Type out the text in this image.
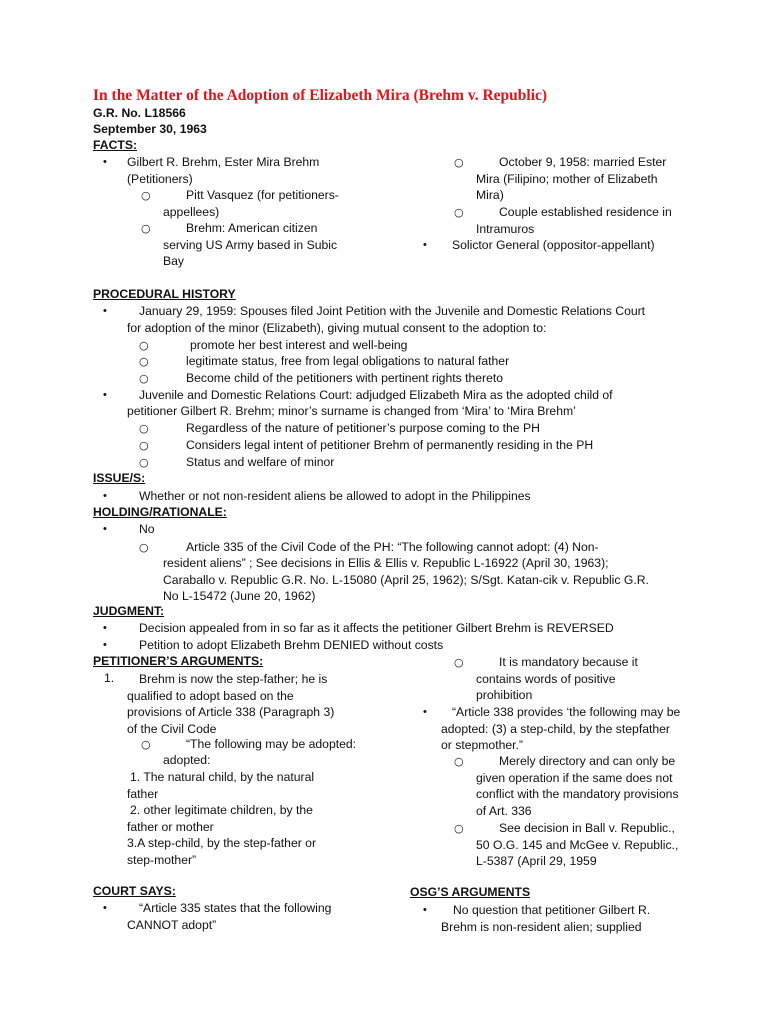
In the Matter of the Adoption of Elizabeth Mira (Brehm v. Republic)
G.R. No. L18566
September 30, 1963
FACTS:
• Gilbert R. Brehm, Ester Mira Brehm (Petitioners)
○	Pitt Vasquez (for petitioners-appellees)
○	Brehm: American citizen serving US Army based in Subic Bay
○	October 9, 1958: married Ester Mira (Filipino; mother of Elizabeth Mira)
○	Couple established residence in Intramuros
• Solictor General (oppositor-appellant)
PROCEDURAL HISTORY
•	January 29, 1959: Spouses filed Joint Petition with the Juvenile and Domestic Relations Court
for adoption of the minor (Elizabeth), giving mutual consent to the adoption to:
○	promote her best interest and well-being
○	legitimate status, free from legal obligations to natural father
○	Become child of the petitioners with pertinent rights thereto
•	Juvenile and Domestic Relations Court: adjudged Elizabeth Mira as the adopted child of
petitioner Gilbert R. Brehm; minor’s surname is changed from ‘Mira’ to ‘Mira Brehm’
○	Regardless of the nature of petitioner’s purpose coming to the PH
○	Considers legal intent of petitioner Brehm of permanently residing in the PH
○	Status and welfare of minor
ISSUE/S:
•	Whether or not non-resident aliens be allowed to adopt in the Philippines
HOLDING/RATIONALE:
•	No
○	Article 335 of the Civil Code of the PH: “The following cannot adopt: (4) Non-
resident aliens” ; See decisions in Ellis & Ellis v. Republic L-16922 (April 30, 1963);
Caraballo v. Republic G.R. No. L-15080 (April 25, 1962); S/Sgt. Katan-cik v. Republic G.R.
No L-15472 (June 20, 1962)
JUDGMENT:
•	Decision appealed from in so far as it affects the petitioner Gilbert Brehm is REVERSED
•	Petition to adopt Elizabeth Brehm DENIED without costs
PETITIONER’S ARGUMENTS:
1.	Brehm is now the step-father; he is qualified to adopt based on the provisions of Article 338 (Paragraph 3) of the Civil Code
○	“The following may be adopted:
adopted:
1. The natural child, by the natural father
2. other legitimate children, by the father or mother
3.A step-child, by the step-father or step-mother”
COURT SAYS:
•	“Article 335 states that the following CANNOT adopt”
○	It is mandatory because it contains words of positive prohibition
•	“Article 338 provides ‘the following may be adopted: (3) a step-child, by the stepfather or stepmother.”
○	Merely directory and can only be given operation if the same does not conflict with the mandatory provisions of Art. 336
○	See decision in Ball v. Republic., 50 O.G. 145 and McGee v. Republic., L-5387 (April 29, 1959
OSG’S ARGUMENTS
•	No question that petitioner Gilbert R. Brehm is non-resident alien; supplied
